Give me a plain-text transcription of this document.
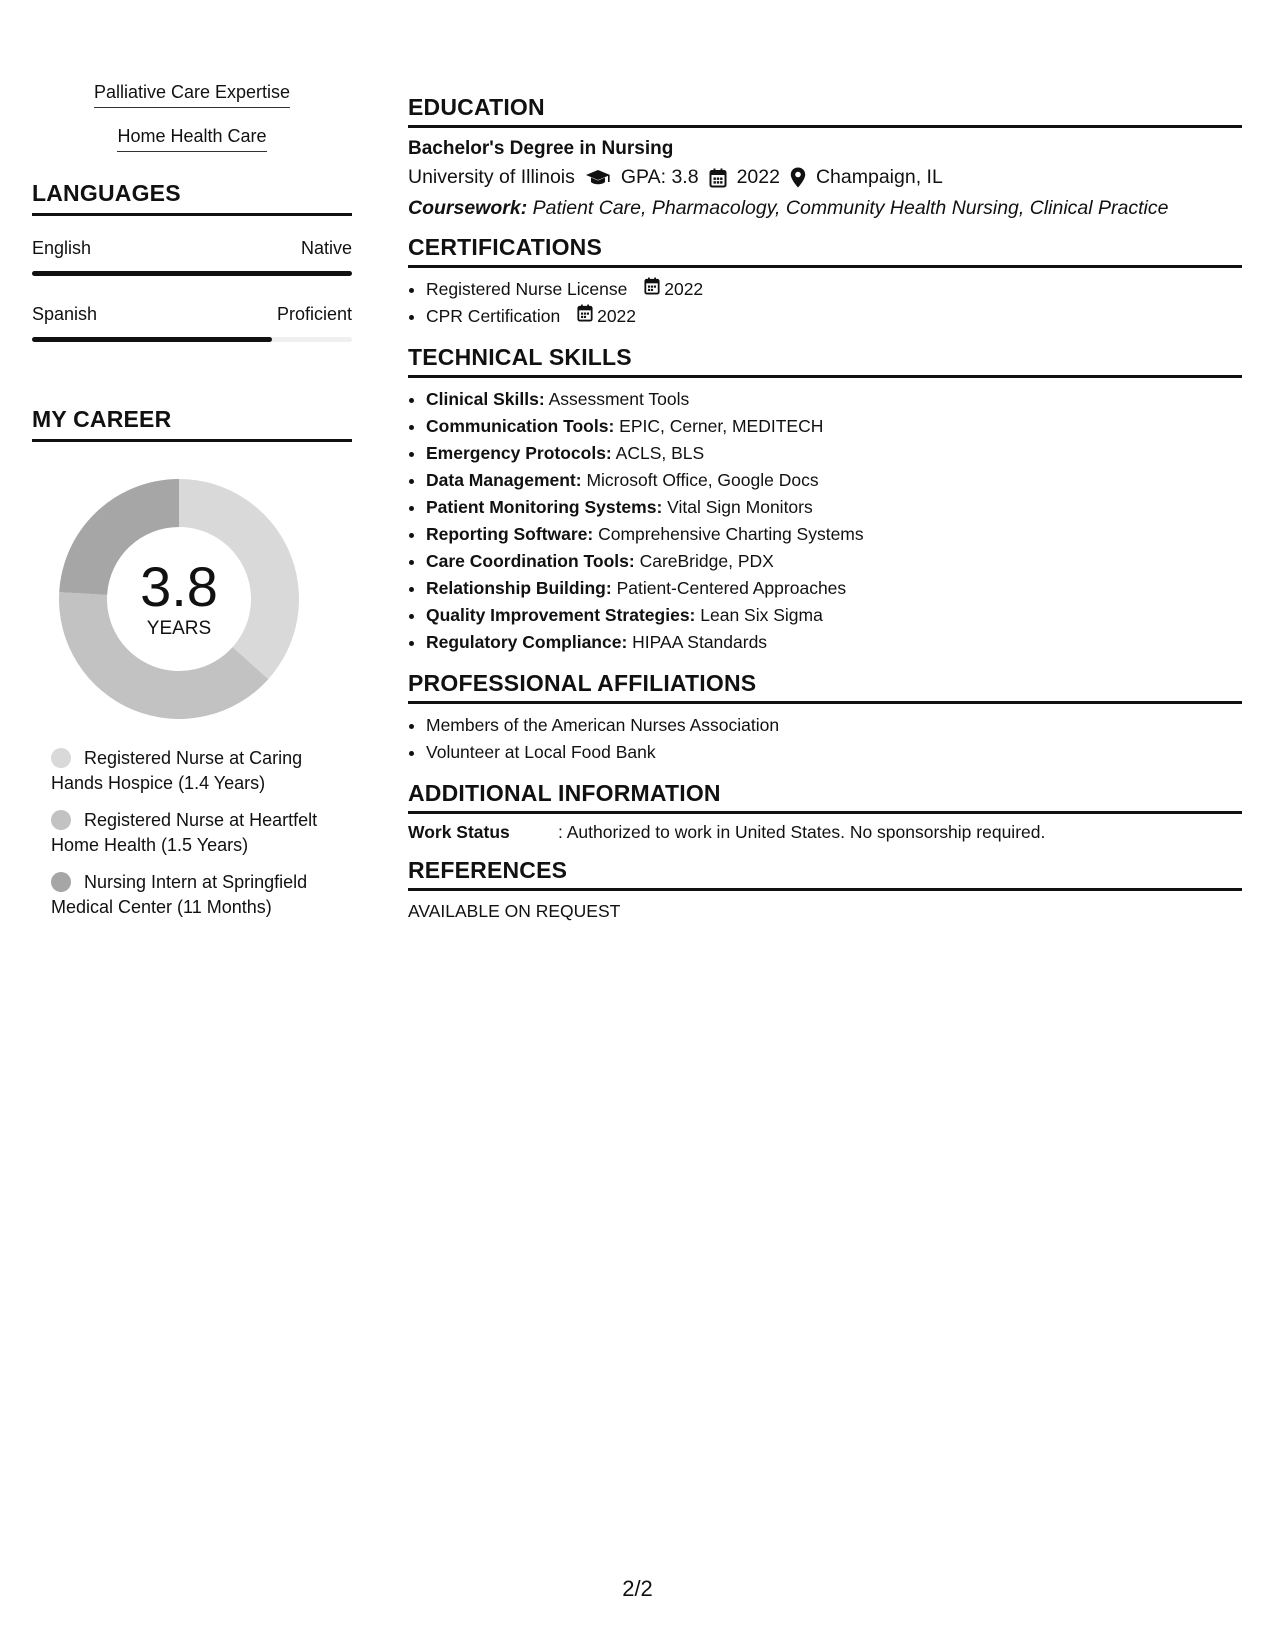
Palliative Care Expertise
Home Health Care
LANGUAGES
English	Native
Spanish	Proficient
MY CAREER
3.8
YEARS
Registered Nurse at Caring Hands Hospice (1.4 Years)
Registered Nurse at Heartfelt Home Health (1.5 Years)
Nursing Intern at Springfield Medical Center (11 Months)
EDUCATION
Bachelor's Degree in Nursing
University of Illinois GPA: 3.8 2022 Champaign, IL
Coursework: Patient Care, Pharmacology, Community Health Nursing, Clinical Practice
CERTIFICATIONS
• Registered Nurse License 2022
• CPR Certification 2022
TECHNICAL SKILLS
• Clinical Skills: Assessment Tools
• Communication Tools: EPIC, Cerner, MEDITECH
• Emergency Protocols: ACLS, BLS
• Data Management: Microsoft Office, Google Docs
• Patient Monitoring Systems: Vital Sign Monitors
• Reporting Software: Comprehensive Charting Systems
• Care Coordination Tools: CareBridge, PDX
• Relationship Building: Patient-Centered Approaches
• Quality Improvement Strategies: Lean Six Sigma
• Regulatory Compliance: HIPAA Standards
PROFESSIONAL AFFILIATIONS
• Members of the American Nurses Association
• Volunteer at Local Food Bank
ADDITIONAL INFORMATION
Work Status	: Authorized to work in United States. No sponsorship required.
REFERENCES
AVAILABLE ON REQUEST
2/2
